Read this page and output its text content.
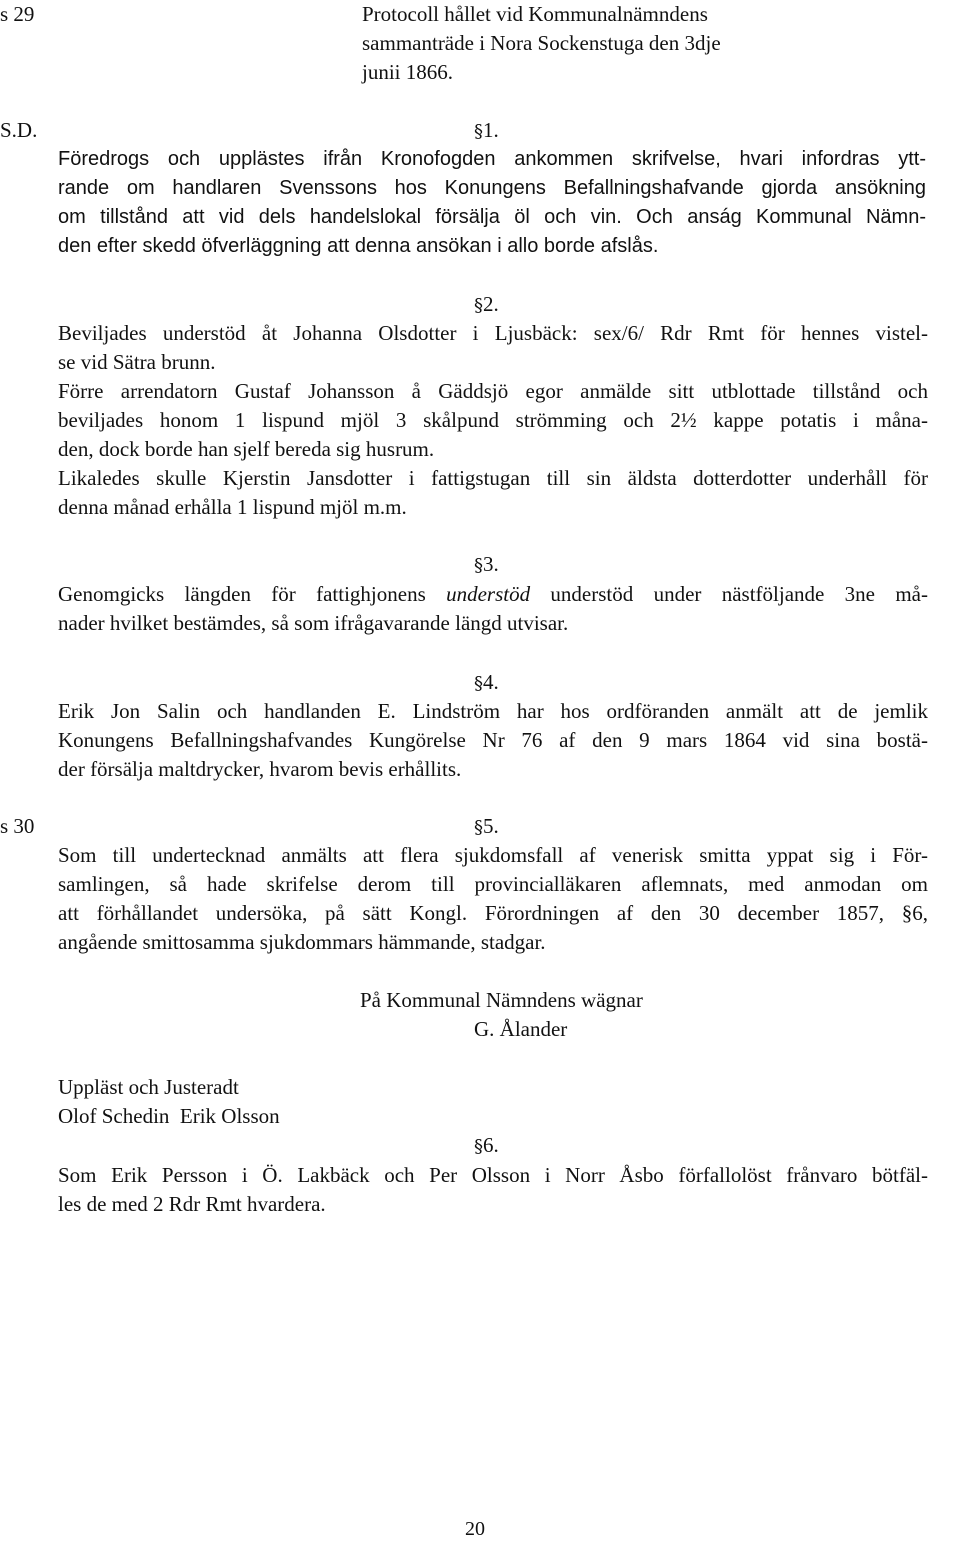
s 29
S.D.
s 30
Protocoll hållet vid Kommunalnämndens
sammanträde i Nora Sockenstuga den 3dje
junii 1866.
§1.
Föredrogs och upplästes ifrån Kronofogden ankommen skrifvelse, hvari infordras ytt-
rande om handlaren Svenssons hos Konungens Befallningshafvande gjorda ansökning
om tillstånd att vid dels handelslokal försälja öl och vin. Och anság Kommunal Nämn-
den efter skedd öfverläggning att denna ansökan i allo borde afslås.
§2.
Beviljades understöd åt Johanna Olsdotter i Ljusbäck: sex/6/ Rdr Rmt för hennes vistel-
se vid Sätra brunn.
Förre arrendatorn Gustaf Johansson å Gäddsjö egor anmälde sitt utblottade tillstånd och
beviljades honom 1 lispund mjöl 3 skålpund strömming och 2½ kappe potatis i måna-
den, dock borde han sjelf bereda sig husrum.
Likaledes skulle Kjerstin Jansdotter i fattigstugan till sin äldsta dotterdotter underhåll för
denna månad erhålla 1 lispund mjöl m.m.
§3.
Genomgicks längden för fattighjonens understöd understöd under nästföljande 3ne må-
nader hvilket bestämdes, så som ifrågavarande längd utvisar.
§4.
Erik Jon Salin och handlanden E. Lindström har hos ordföranden anmält att de jemlik
Konungens Befallningshafvandes Kungörelse Nr 76 af den 9 mars 1864 vid sina bostä-
der försälja maltdrycker, hvarom bevis erhållits.
§5.
Som till undertecknad anmälts att flera sjukdomsfall af venerisk smitta yppat sig i För-
samlingen, så hade skrifelse derom till provincialläkaren aflemnats, med anmodan om
att förhållandet undersöka, på sätt Kongl. Förordningen af den 30 december 1857, §6,
angående smittosamma sjukdommars hämmande, stadgar.
På Kommunal Nämndens wägnar
G. Ålander
Uppläst och Justeradt
Olof Schedin  Erik Olsson
§6.
Som Erik Persson i Ö. Lakbäck och Per Olsson i Norr Åsbo förfallolöst frånvaro bötfäl-
les de med 2 Rdr Rmt hvardera.
20
